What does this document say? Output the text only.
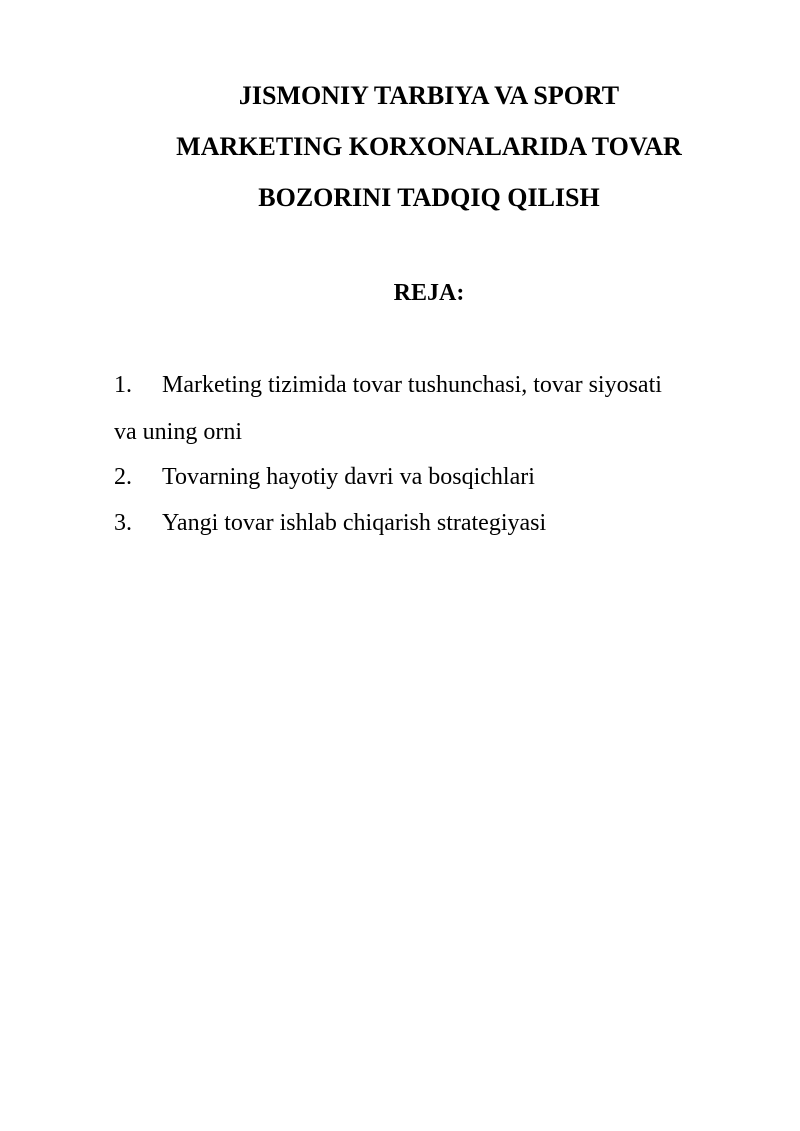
JISMONIY TARBIYA VA SPORT
MARKETING KORXONALARIDA TOVAR
BOZORINI TADQIQ QILISH
REJA:
1. Marketing tizimida tovar tushunchasi, tovar siyosati
va uning orni
2. Tovarning hayotiy davri va bosqichlari
3. Yangi tovar ishlab chiqarish strategiyasi
